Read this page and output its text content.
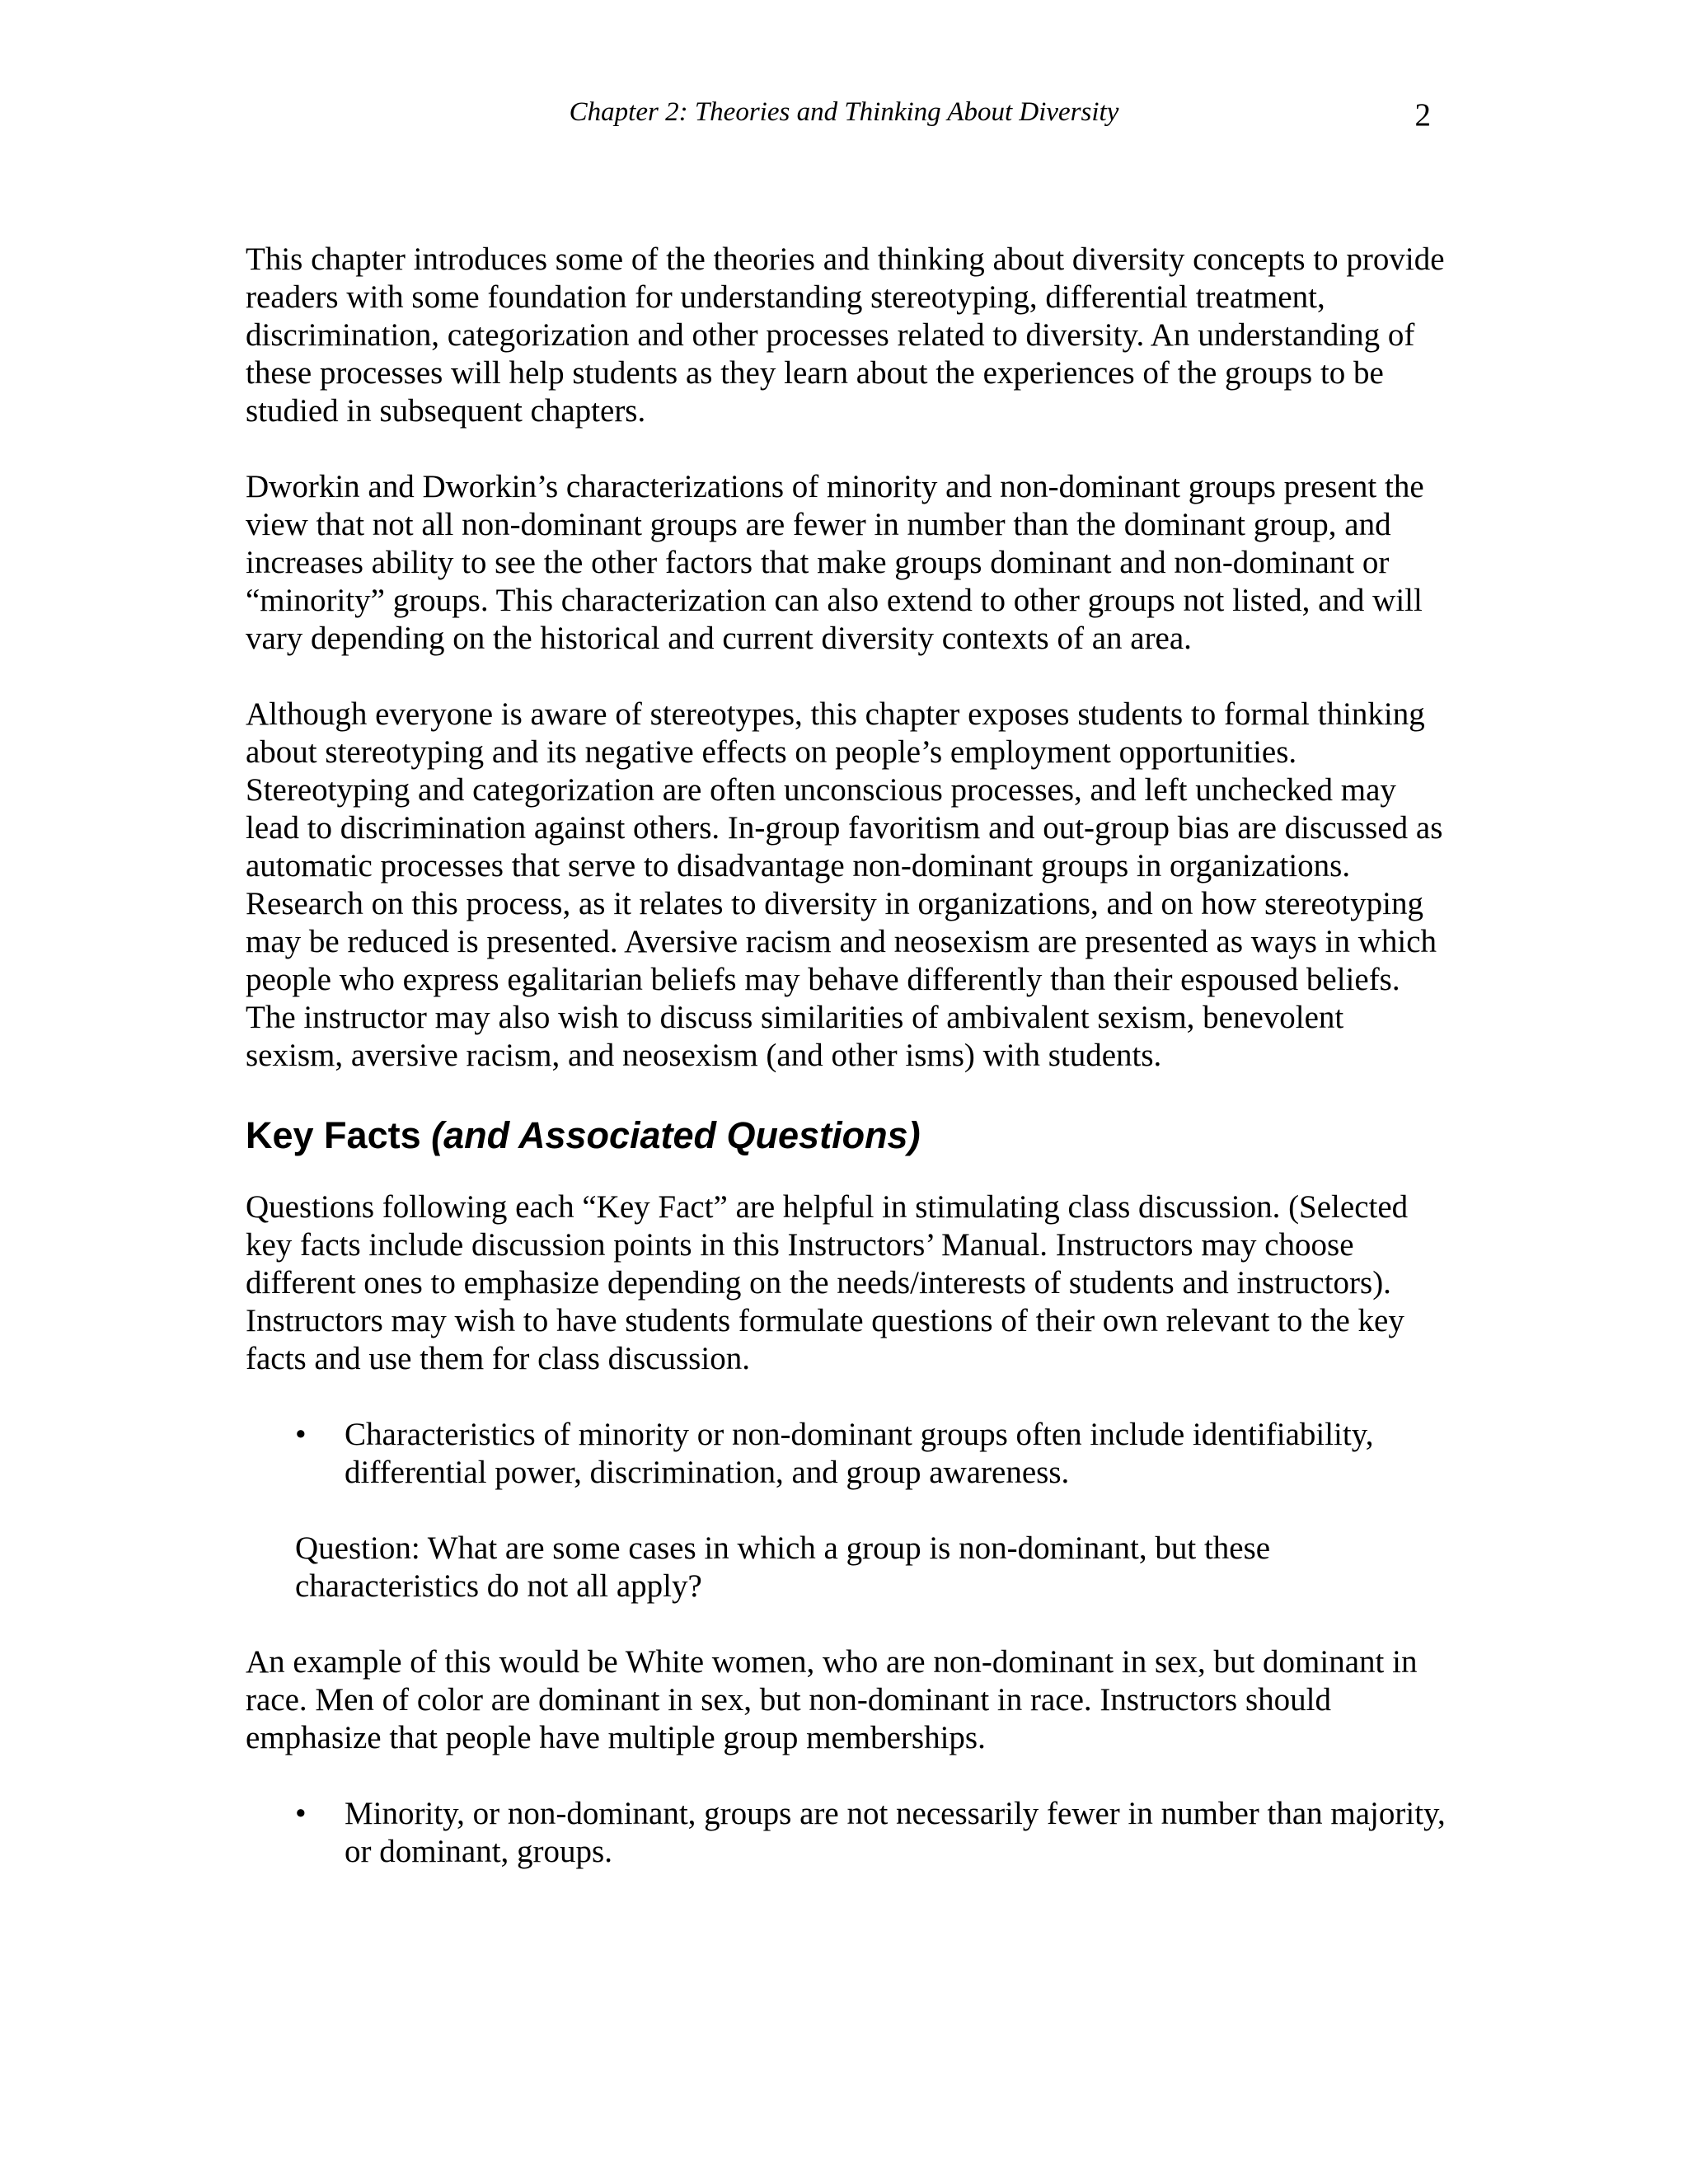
Chapter 2: Theories and Thinking About Diversity	2

This chapter introduces some of the theories and thinking about diversity concepts to provide readers with some foundation for understanding stereotyping, differential treatment, discrimination, categorization and other processes related to diversity. An understanding of these processes will help students as they learn about the experiences of the groups to be studied in subsequent chapters.

Dworkin and Dworkin’s characterizations of minority and non-dominant groups present the view that not all non-dominant groups are fewer in number than the dominant group, and increases ability to see the other factors that make groups dominant and non-dominant or “minority” groups. This characterization can also extend to other groups not listed, and will vary depending on the historical and current diversity contexts of an area.

Although everyone is aware of stereotypes, this chapter exposes students to formal thinking about stereotyping and its negative effects on people’s employment opportunities. Stereotyping and categorization are often unconscious processes, and left unchecked may lead to discrimination against others. In-group favoritism and out-group bias are discussed as automatic processes that serve to disadvantage non-dominant groups in organizations. Research on this process, as it relates to diversity in organizations, and on how stereotyping may be reduced is presented. Aversive racism and neosexism are presented as ways in which people who express egalitarian beliefs may behave differently than their espoused beliefs. The instructor may also wish to discuss similarities of ambivalent sexism, benevolent sexism, aversive racism, and neosexism (and other isms) with students.

Key Facts (and Associated Questions)

Questions following each “Key Fact” are helpful in stimulating class discussion. (Selected key facts include discussion points in this Instructors’ Manual. Instructors may choose different ones to emphasize depending on the needs/interests of students and instructors). Instructors may wish to have students formulate questions of their own relevant to the key facts and use them for class discussion.

• Characteristics of minority or non-dominant groups often include identifiability, differential power, discrimination, and group awareness.

Question: What are some cases in which a group is non-dominant, but these characteristics do not all apply?

An example of this would be White women, who are non-dominant in sex, but dominant in race. Men of color are dominant in sex, but non-dominant in race. Instructors should emphasize that people have multiple group memberships.

• Minority, or non-dominant, groups are not necessarily fewer in number than majority, or dominant, groups.
